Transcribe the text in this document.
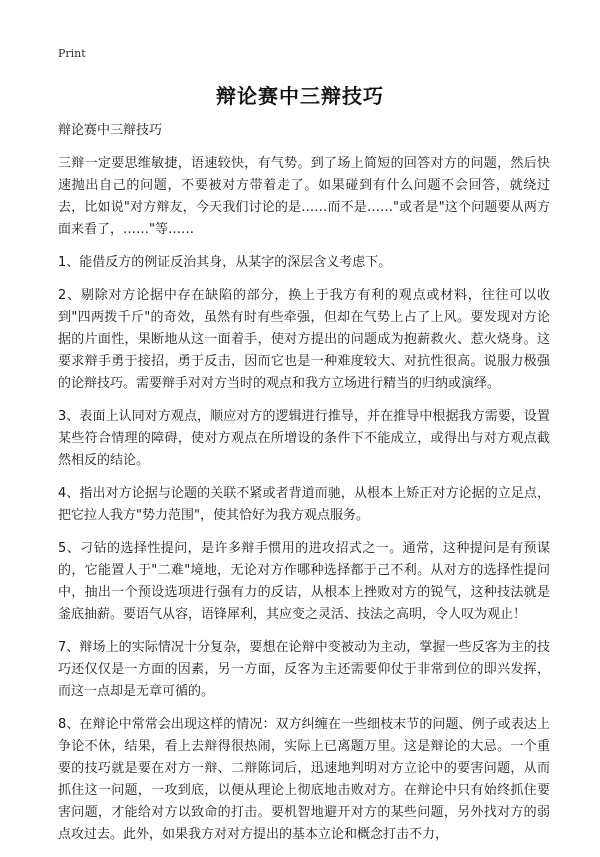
Print
辩论赛中三辩技巧
辩论赛中三辩技巧

三辩一定要思维敏捷，语速较快，有气势。到了场上简短的回答对方的问题，然后快速抛出自己的问题，不要被对方带着走了。如果碰到有什么问题不会回答，就绕过去，比如说"对方辩友，今天我们讨论的是……而不是……"或者是"这个问题要从两方面来看了，……"等……

1、能借反方的例证反治其身，从某字的深层含义考虑下。

2、剔除对方论据中存在缺陷的部分，换上于我方有利的观点或材料，往往可以收到"四两拨千斤"的奇效，虽然有时有些牵强，但却在气势上占了上风。要发现对方论据的片面性，果断地从这一面着手，使对方提出的问题成为抱薪救火、惹火烧身。这要求辩手勇于接招，勇于反击，因而它也是一种难度较大、对抗性很高。说服力极强的论辩技巧。需要辩手对对方当时的观点和我方立场进行精当的归纳或演绎。

3、表面上认同对方观点，顺应对方的逻辑进行推导，并在推导中根据我方需要，设置某些符合情理的障碍，使对方观点在所增设的条件下不能成立，或得出与对方观点截然相反的结论。

4、指出对方论据与论题的关联不紧或者背道而驰，从根本上矫正对方论据的立足点，把它拉人我方"势力范围"，使其恰好为我方观点服务。

5、刁钻的选择性提问，是许多辩手惯用的进攻招式之一。通常，这种提问是有预谋的，它能置人于"二难"境地，无论对方作哪种选择都于己不利。从对方的选择性提问中，抽出一个预设选项进行强有力的反诘，从根本上挫败对方的锐气，这种技法就是釜底抽薪。要语气从容，语锋犀利，其应变之灵活、技法之高明，令人叹为观止！

7、辩场上的实际情况十分复杂，要想在论辩中变被动为主动，掌握一些反客为主的技巧还仅仅是一方面的因素，另一方面，反客为主还需要仰仗于非常到位的即兴发挥，而这一点却是无章可循的。

8、在辩论中常常会出现这样的情况：双方纠缠在一些细枝末节的问题、例子或表达上争论不休，结果，看上去辩得很热闹，实际上已离题万里。这是辩论的大忌。一个重要的技巧就是要在对方一辩、二辩陈词后，迅速地判明对方立论中的要害问题，从而抓住这一问题，一攻到底，以便从理论上彻底地击败对方。在辩论中只有始终抓住要害问题，才能给对方以致命的打击。要机智地避开对方的某些问题，另外找对方的弱点攻过去。此外，如果我方对对方提出的基本立论和概念打击不力，
